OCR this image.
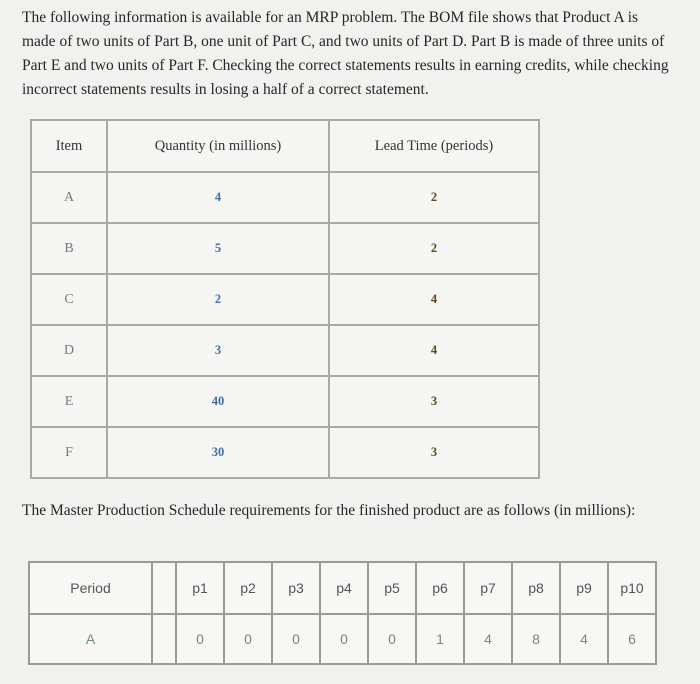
The following information is available for an MRP problem. The BOM file shows that Product A is made of two units of Part B, one unit of Part C, and two units of Part D. Part B is made of three units of Part E and two units of Part F. Checking the correct statements results in earning credits, while checking incorrect statements results in losing a half of a correct statement.
Item	Quantity (in millions)	Lead Time (periods)
A	4	2
B	5	2
C	2	4
D	3	4
E	40	3
F	30	3
The Master Production Schedule requirements for the finished product are as follows (in millions):
Period		p1	p2	p3	p4	p5	p6	p7	p8	p9	p10
A		0	0	0	0	0	1	4	8	4	6
